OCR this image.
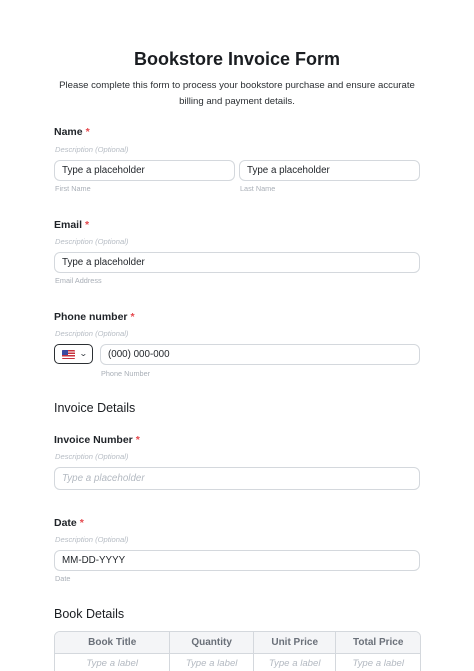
Bookstore Invoice Form
Please complete this form to process your bookstore purchase and ensure accurate billing and payment details.
Name *
Description (Optional)
Type a placeholder	Type a placeholder
First Name	Last Name
Email *
Description (Optional)
Type a placeholder
Email Address
Phone number *
Description (Optional)
⌄	(000) 000-000
Phone Number
Invoice Details
Invoice Number *
Description (Optional)
Type a placeholder
Date *
Description (Optional)
MM-DD-YYYY
Date
Book Details
Book Title	Quantity	Unit Price	Total Price
Type a label	Type a label	Type a label	Type a label
